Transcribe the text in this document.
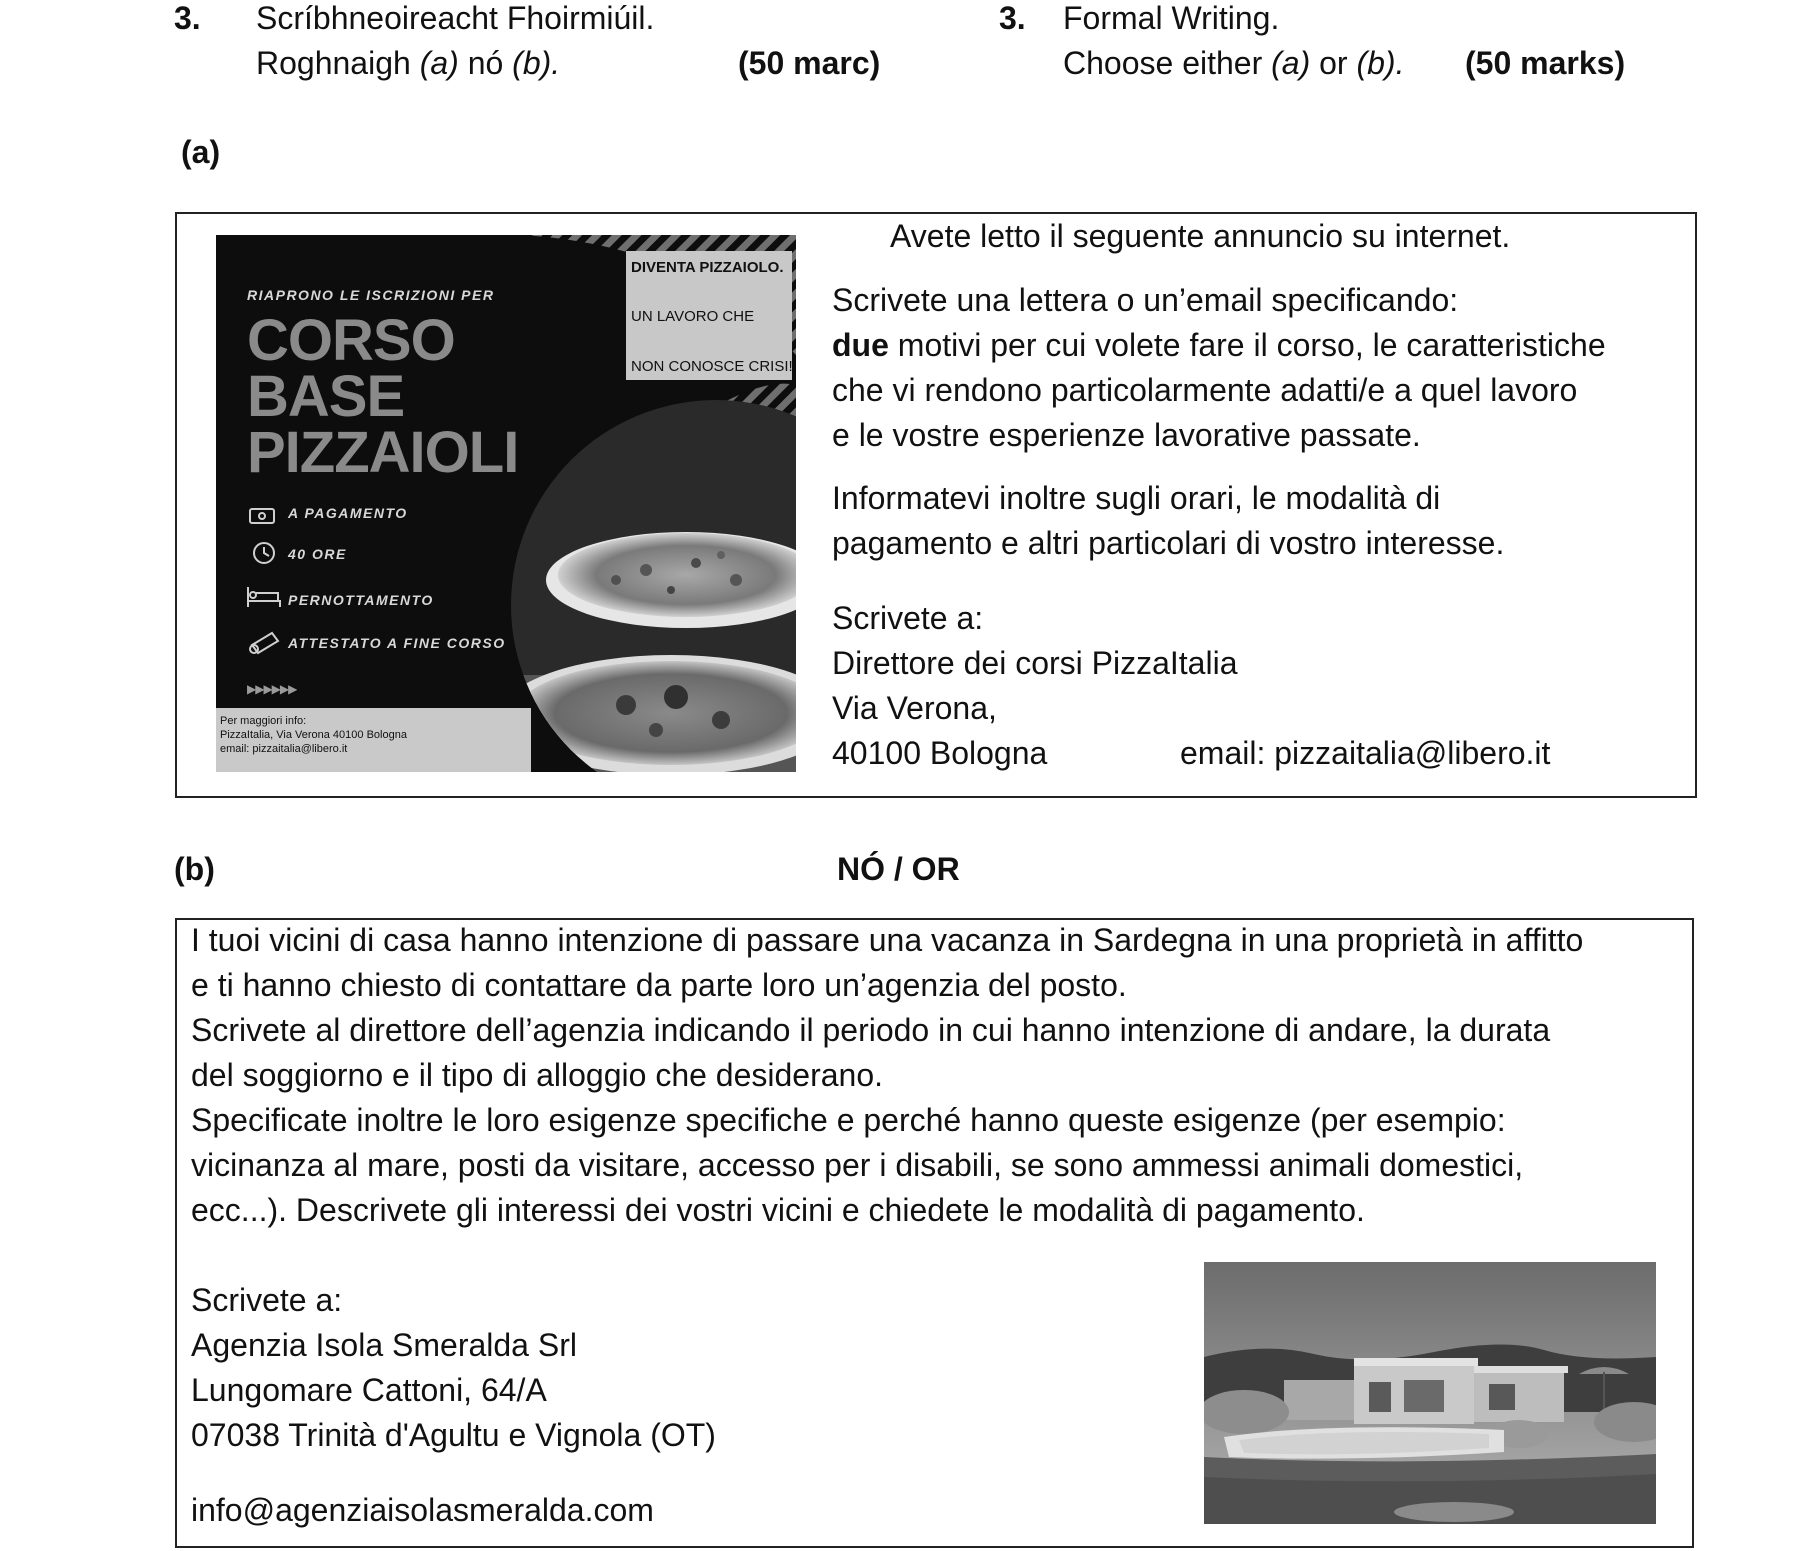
3. Scríbhneoireacht Fhoirmiúil.
Roghnaigh (a) nó (b).	(50 marc)
3. Formal Writing.
Choose either (a) or (b). (50 marks)
(a)
RIAPRONO LE ISCRIZIONI PER
CORSO
BASE
PIZZAIOLI
DIVENTA PIZZAIOLO.
UN LAVORO CHE
NON CONOSCE CRISI!
A PAGAMENTO
40 ORE
PERNOTTAMENTO
ATTESTATO A FINE CORSO
▶▶▶▶▶▶
Per maggiori info:
PizzaItalia, Via Verona 40100 Bologna
email: pizzaitalia@libero.it
Avete letto il seguente annuncio su internet.
Scrivete una lettera o un’email specificando:
due motivi per cui volete fare il corso, le caratteristiche
che vi rendono particolarmente adatti/e a quel lavoro
e le vostre esperienze lavorative passate.
Informatevi inoltre sugli orari, le modalità di
pagamento e altri particolari di vostro interesse.
Scrivete a:
Direttore dei corsi PizzaItalia
Via Verona,
40100 Bologna	email: pizzaitalia@libero.it
(b)	NÓ / OR
I tuoi vicini di casa hanno intenzione di passare una vacanza in Sardegna in una proprietà in affitto
e ti hanno chiesto di contattare da parte loro un’agenzia del posto.
Scrivete al direttore dell’agenzia indicando il periodo in cui hanno intenzione di andare, la durata
del soggiorno e il tipo di alloggio che desiderano.
Specificate inoltre le loro esigenze specifiche e perché hanno queste esigenze (per esempio:
vicinanza al mare, posti da visitare, accesso per i disabili, se sono ammessi animali domestici,
ecc...). Descrivete gli interessi dei vostri vicini e chiedete le modalità di pagamento.
Scrivete a:
Agenzia Isola Smeralda Srl
Lungomare Cattoni, 64/A
07038 Trinità d'Agultu e Vignola (OT)
info@agenziaisolasmeralda.com
